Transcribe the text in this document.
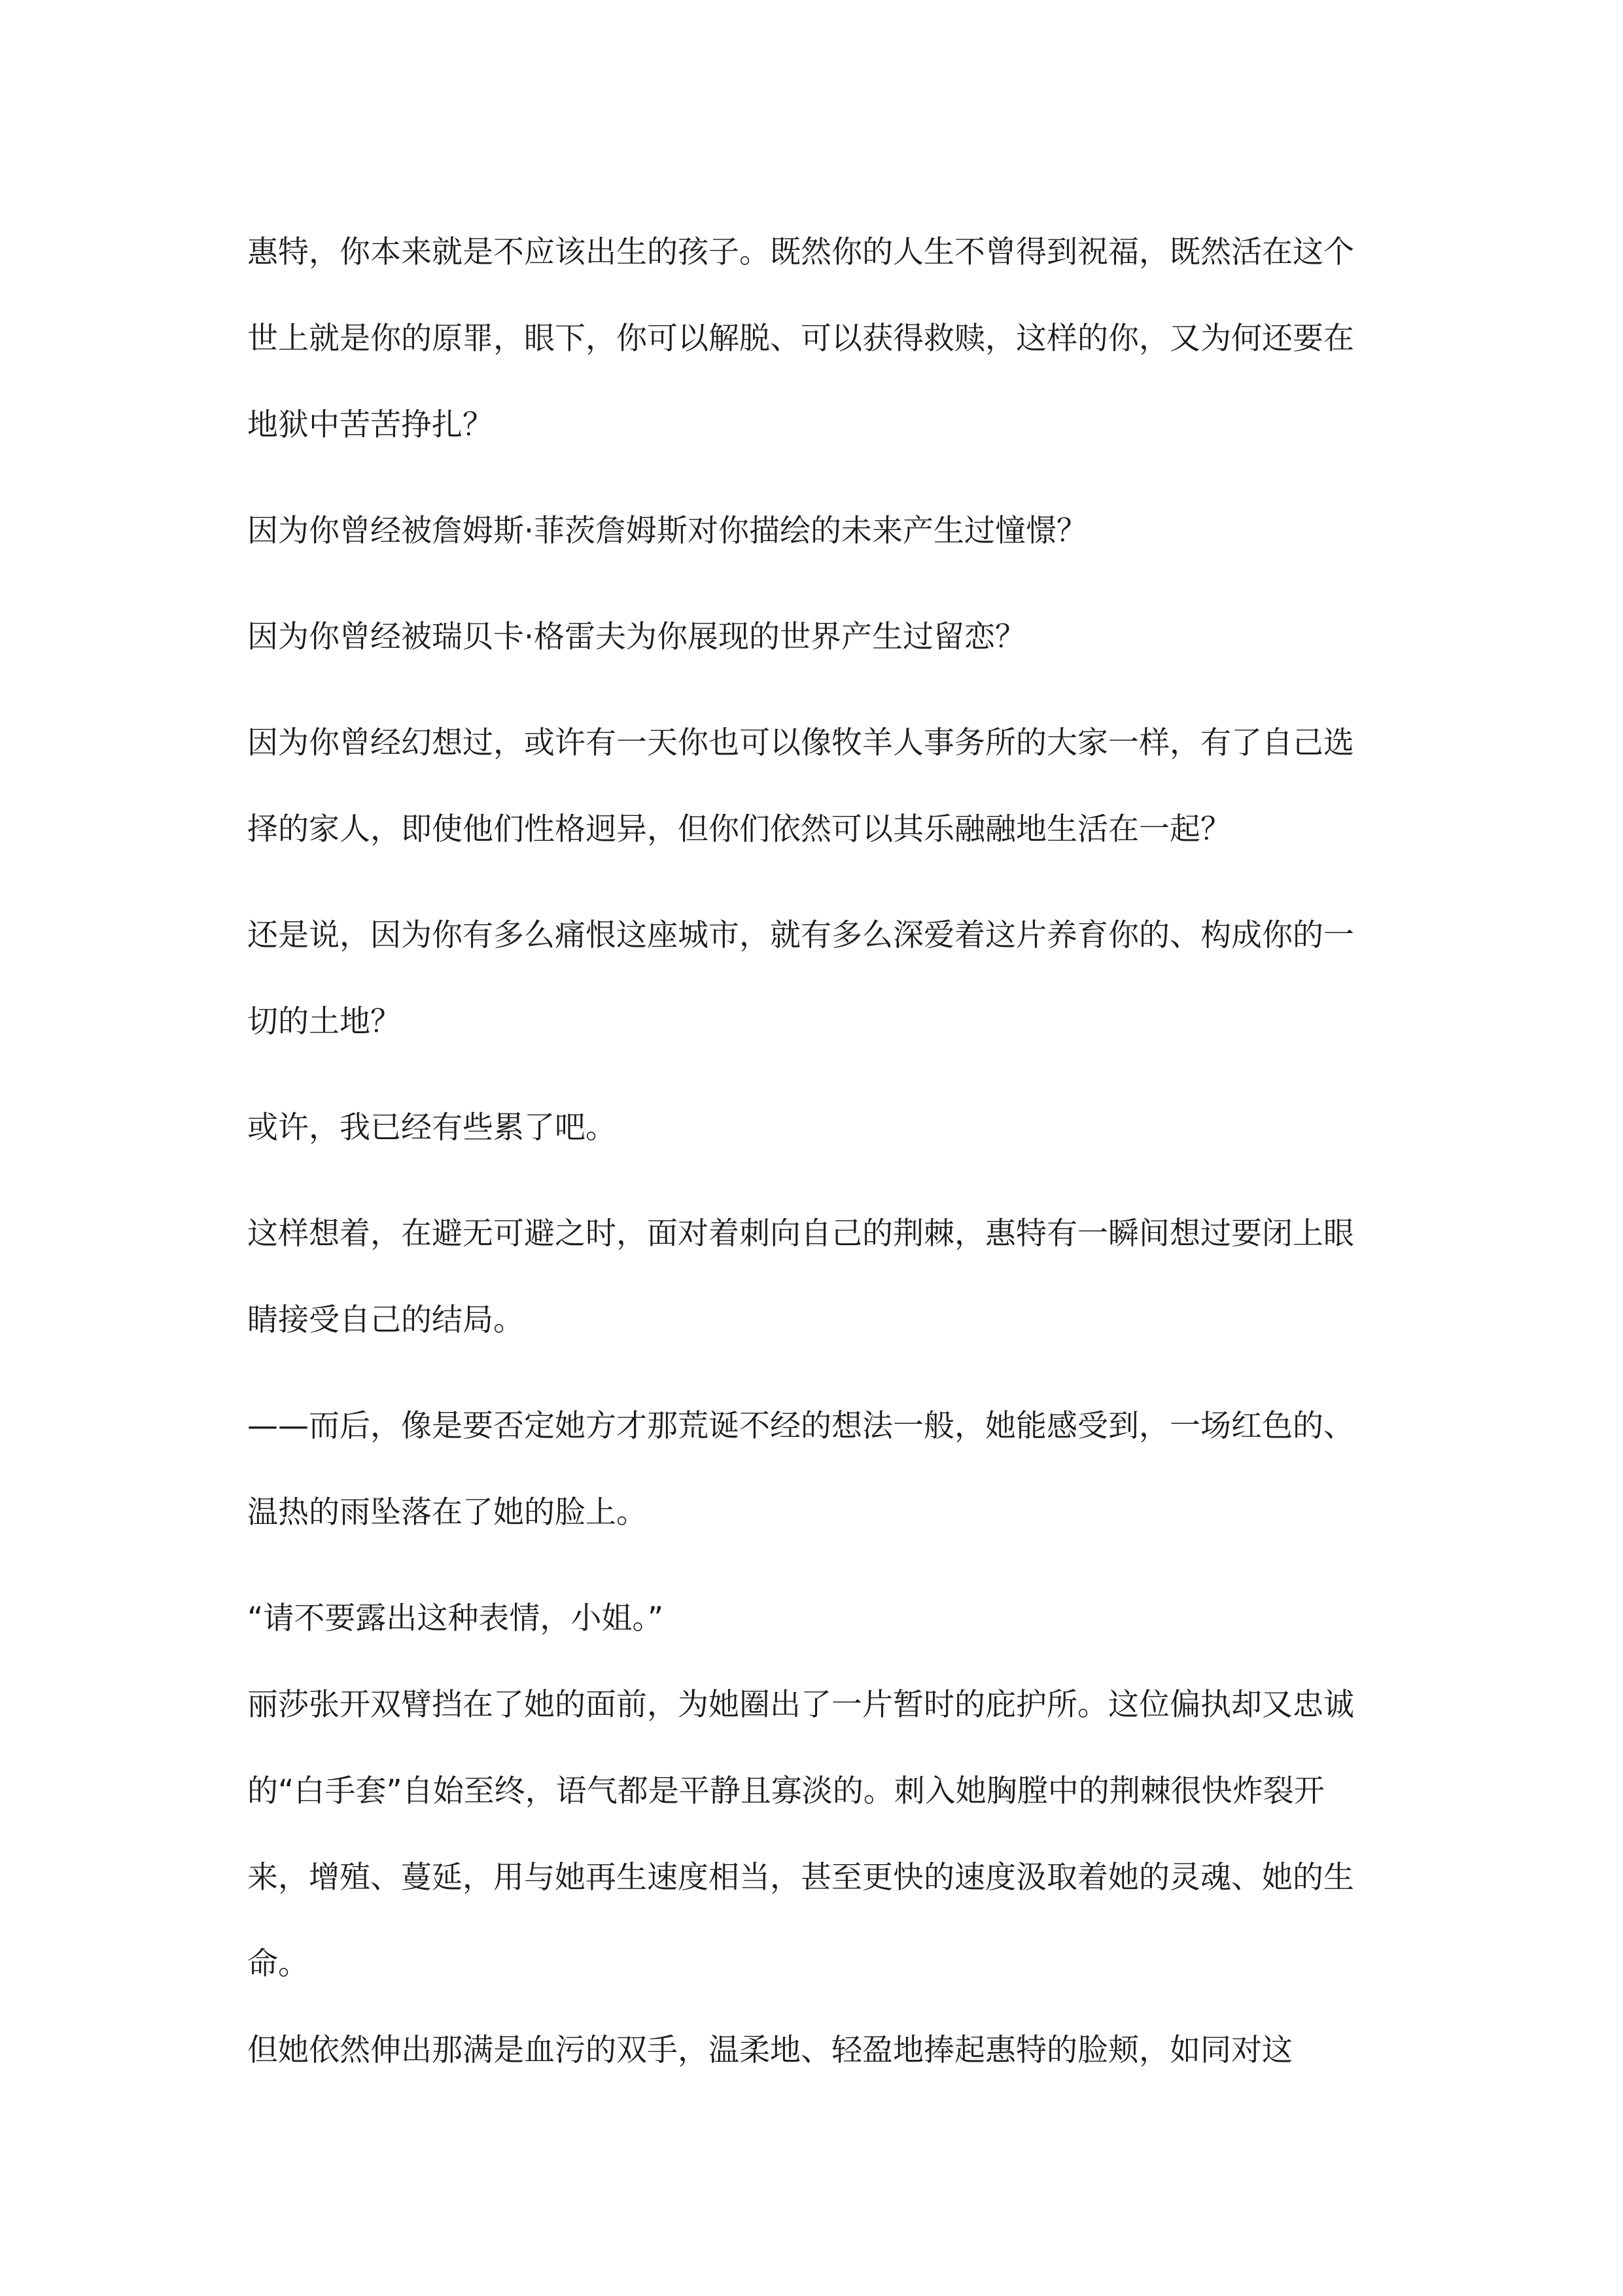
惠特，你本来就是不应该出生的孩子。既然你的人生不曾得到祝福，既然活在这个世上就是你的原罪，眼下，你可以解脱、可以获得救赎，这样的你，又为何还要在地狱中苦苦挣扎？

因为你曾经被詹姆斯·菲茨詹姆斯对你描绘的未来产生过憧憬？

因为你曾经被瑞贝卡·格雷夫为你展现的世界产生过留恋？

因为你曾经幻想过，或许有一天你也可以像牧羊人事务所的大家一样，有了自己选择的家人，即使他们性格迥异，但你们依然可以其乐融融地生活在一起？

还是说，因为你有多么痛恨这座城市，就有多么深爱着这片养育你的、构成你的一切的土地？

或许，我已经有些累了吧。

这样想着，在避无可避之时，面对着刺向自己的荆棘，惠特有一瞬间想过要闭上眼睛接受自己的结局。

——而后，像是要否定她方才那荒诞不经的想法一般，她能感受到，一场红色的、温热的雨坠落在了她的脸上。

“请不要露出这种表情，小姐。”

丽莎张开双臂挡在了她的面前，为她圈出了一片暂时的庇护所。这位偏执却又忠诚的“白手套”自始至终，语气都是平静且寡淡的。刺入她胸膛中的荆棘很快炸裂开来，增殖、蔓延，用与她再生速度相当，甚至更快的速度汲取着她的灵魂、她的生命。

但她依然伸出那满是血污的双手，温柔地、轻盈地捧起惠特的脸颊，如同对这
